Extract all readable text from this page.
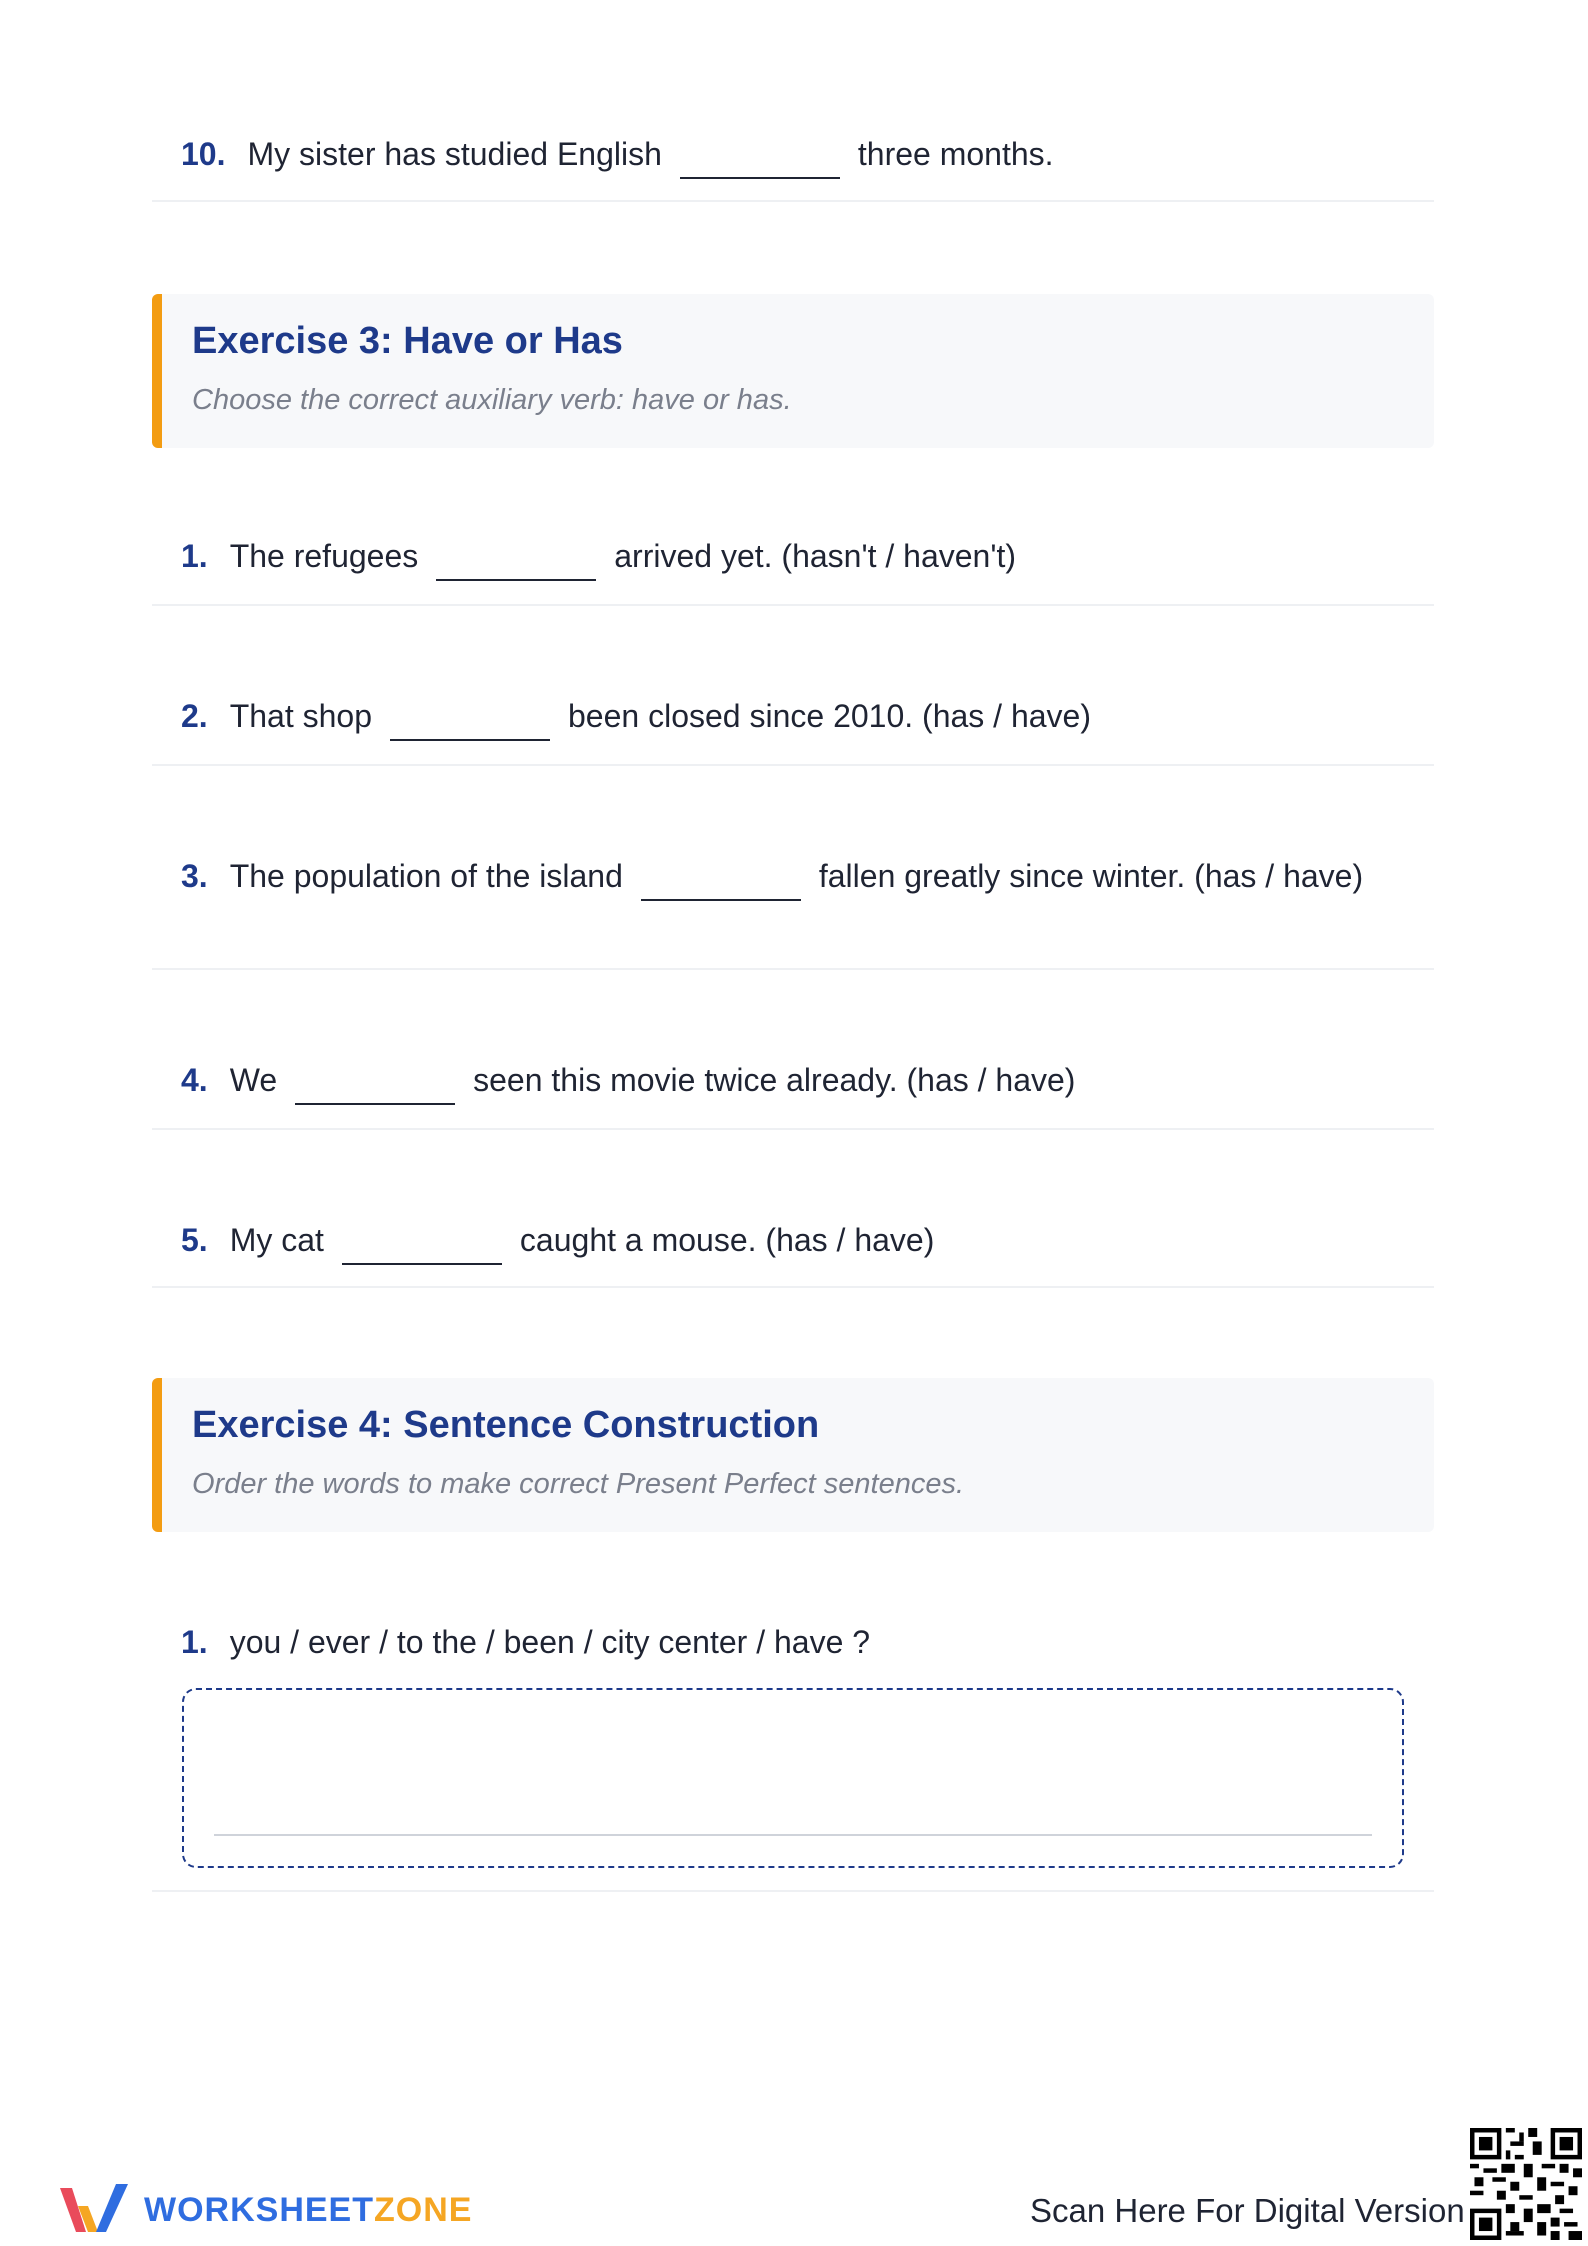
10. My sister has studied English	three months.
Exercise 3: Have or Has
Choose the correct auxiliary verb: have or has.
1. The refugees	arrived yet. (hasn't / haven't)
2. That shop	been closed since 2010. (has / have)
3. The population of the island	fallen greatly since winter. (has / have)
4. We	seen this movie twice already. (has / have)
5. My cat	caught a mouse. (has / have)
Exercise 4: Sentence Construction
Order the words to make correct Present Perfect sentences.
1. you / ever / to the / been / city center / have ?
WORKSHEETZONE	Scan Here For Digital Version
